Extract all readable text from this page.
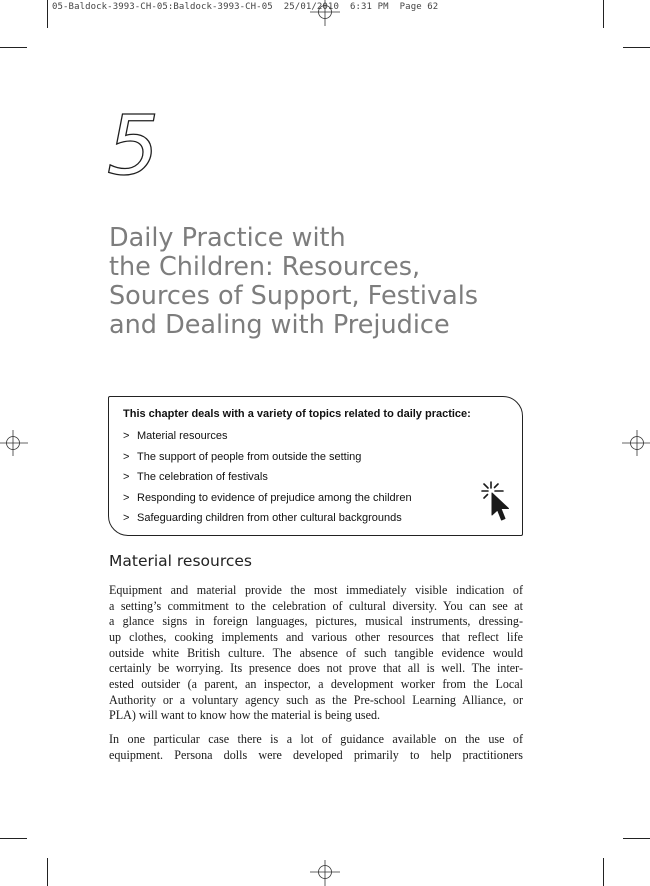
05-Baldock-3993-CH-05:Baldock-3993-CH-05  25/01/2010  6:31 PM  Page 62
5
Daily Practice with
the Children: Resources,
Sources of Support, Festivals
and Dealing with Prejudice
This chapter deals with a variety of topics related to daily practice:
> Material resources
> The support of people from outside the setting
> The celebration of festivals
> Responding to evidence of prejudice among the children
> Safeguarding children from other cultural backgrounds
Material resources

Equipment and material provide the most immediately visible indication of
a setting’s commitment to the celebration of cultural diversity. You can see at
a glance signs in foreign languages, pictures, musical instruments, dressing-
up clothes, cooking implements and various other resources that reflect life
outside white British culture. The absence of such tangible evidence would
certainly be worrying. Its presence does not prove that all is well. The inter-
ested outsider (a parent, an inspector, a development worker from the Local
Authority or a voluntary agency such as the Pre-school Learning Alliance, or
PLA) will want to know how the material is being used.

In one particular case there is a lot of guidance available on the use of
equipment. Persona dolls were developed primarily to help practitioners
